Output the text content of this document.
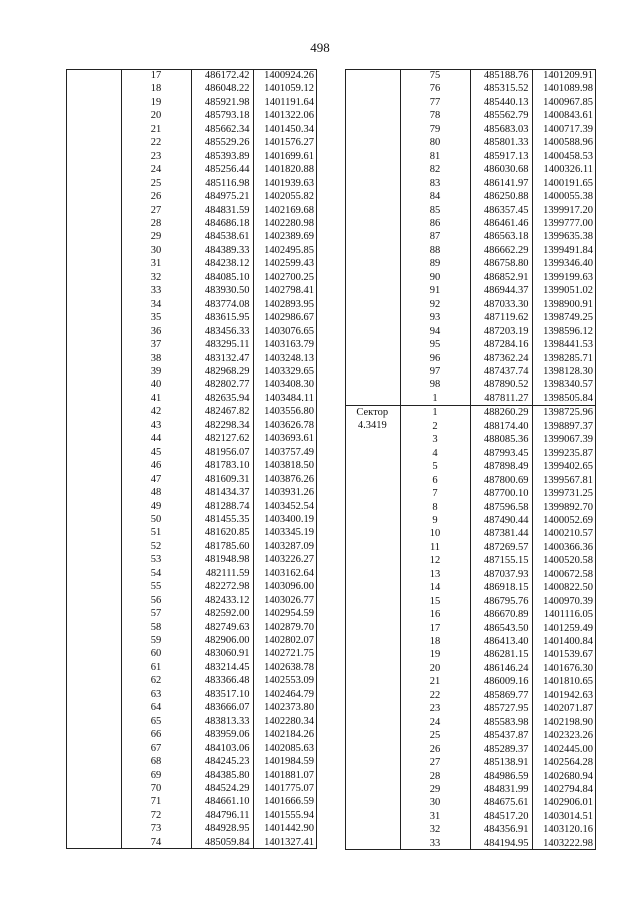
498
	17	486172.42	1400924.26
	18	486048.22	1401059.12
	19	485921.98	1401191.64
	20	485793.18	1401322.06
	21	485662.34	1401450.34
	22	485529.26	1401576.27
	23	485393.89	1401699.61
	24	485256.44	1401820.88
	25	485116.98	1401939.63
	26	484975.21	1402055.82
	27	484831.59	1402169.68
	28	484686.18	1402280.98
	29	484538.61	1402389.69
	30	484389.33	1402495.85
	31	484238.12	1402599.43
	32	484085.10	1402700.25
	33	483930.50	1402798.41
	34	483774.08	1402893.95
	35	483615.95	1402986.67
	36	483456.33	1403076.65
	37	483295.11	1403163.79
	38	483132.47	1403248.13
	39	482968.29	1403329.65
	40	482802.77	1403408.30
	41	482635.94	1403484.11
	42	482467.82	1403556.80
	43	482298.34	1403626.78
	44	482127.62	1403693.61
	45	481956.07	1403757.49
	46	481783.10	1403818.50
	47	481609.31	1403876.26
	48	481434.37	1403931.26
	49	481288.74	1403452.54
	50	481455.35	1403400.19
	51	481620.85	1403345.19
	52	481785.60	1403287.09
	53	481948.98	1403226.27
	54	482111.59	1403162.64
	55	482272.98	1403096.00
	56	482433.12	1403026.77
	57	482592.00	1402954.59
	58	482749.63	1402879.70
	59	482906.00	1402802.07
	60	483060.91	1402721.75
	61	483214.45	1402638.78
	62	483366.48	1402553.09
	63	483517.10	1402464.79
	64	483666.07	1402373.80
	65	483813.33	1402280.34
	66	483959.06	1402184.26
	67	484103.06	1402085.63
	68	484245.23	1401984.59
	69	484385.80	1401881.07
	70	484524.29	1401775.07
	71	484661.10	1401666.59
	72	484796.11	1401555.94
	73	484928.95	1401442.90
	74	485059.84	1401327.41
	75	485188.76	1401209.91
	76	485315.52	1401089.98
	77	485440.13	1400967.85
	78	485562.79	1400843.61
	79	485683.03	1400717.39
	80	485801.33	1400588.96
	81	485917.13	1400458.53
	82	486030.68	1400326.11
	83	486141.97	1400191.65
	84	486250.88	1400055.38
	85	486357.45	1399917.20
	86	486461.46	1399777.00
	87	486563.18	1399635.38
	88	486662.29	1399491.84
	89	486758.80	1399346.40
	90	486852.91	1399199.63
	91	486944.37	1399051.02
	92	487033.30	1398900.91
	93	487119.62	1398749.25
	94	487203.19	1398596.12
	95	487284.16	1398441.53
	96	487362.24	1398285.71
	97	487437.74	1398128.30
	98	487890.52	1398340.57
	1	487811.27	1398505.84

Сектор
4.3419	1	488260.29	1398725.96
	2	488174.40	1398897.37
	3	488085.36	1399067.39
	4	487993.45	1399235.87
	5	487898.49	1399402.65
	6	487800.69	1399567.81
	7	487700.10	1399731.25
	8	487596.58	1399892.70
	9	487490.44	1400052.69
	10	487381.44	1400210.57
	11	487269.57	1400366.36
	12	487155.15	1400520.58
	13	487037.93	1400672.58
	14	486918.15	1400822.50
	15	486795.76	1400970.39
	16	486670.89	1401116.05
	17	486543.50	1401259.49
	18	486413.40	1401400.84
	19	486281.15	1401539.67
	20	486146.24	1401676.30
	21	486009.16	1401810.65
	22	485869.77	1401942.63
	23	485727.95	1402071.87
	24	485583.98	1402198.90
	25	485437.87	1402323.26
	26	485289.37	1402445.00
	27	485138.91	1402564.28
	28	484986.59	1402680.94
	29	484831.99	1402794.84
	30	484675.61	1402906.01
	31	484517.20	1403014.51
	32	484356.91	1403120.16
	33	484194.95	1403222.98
